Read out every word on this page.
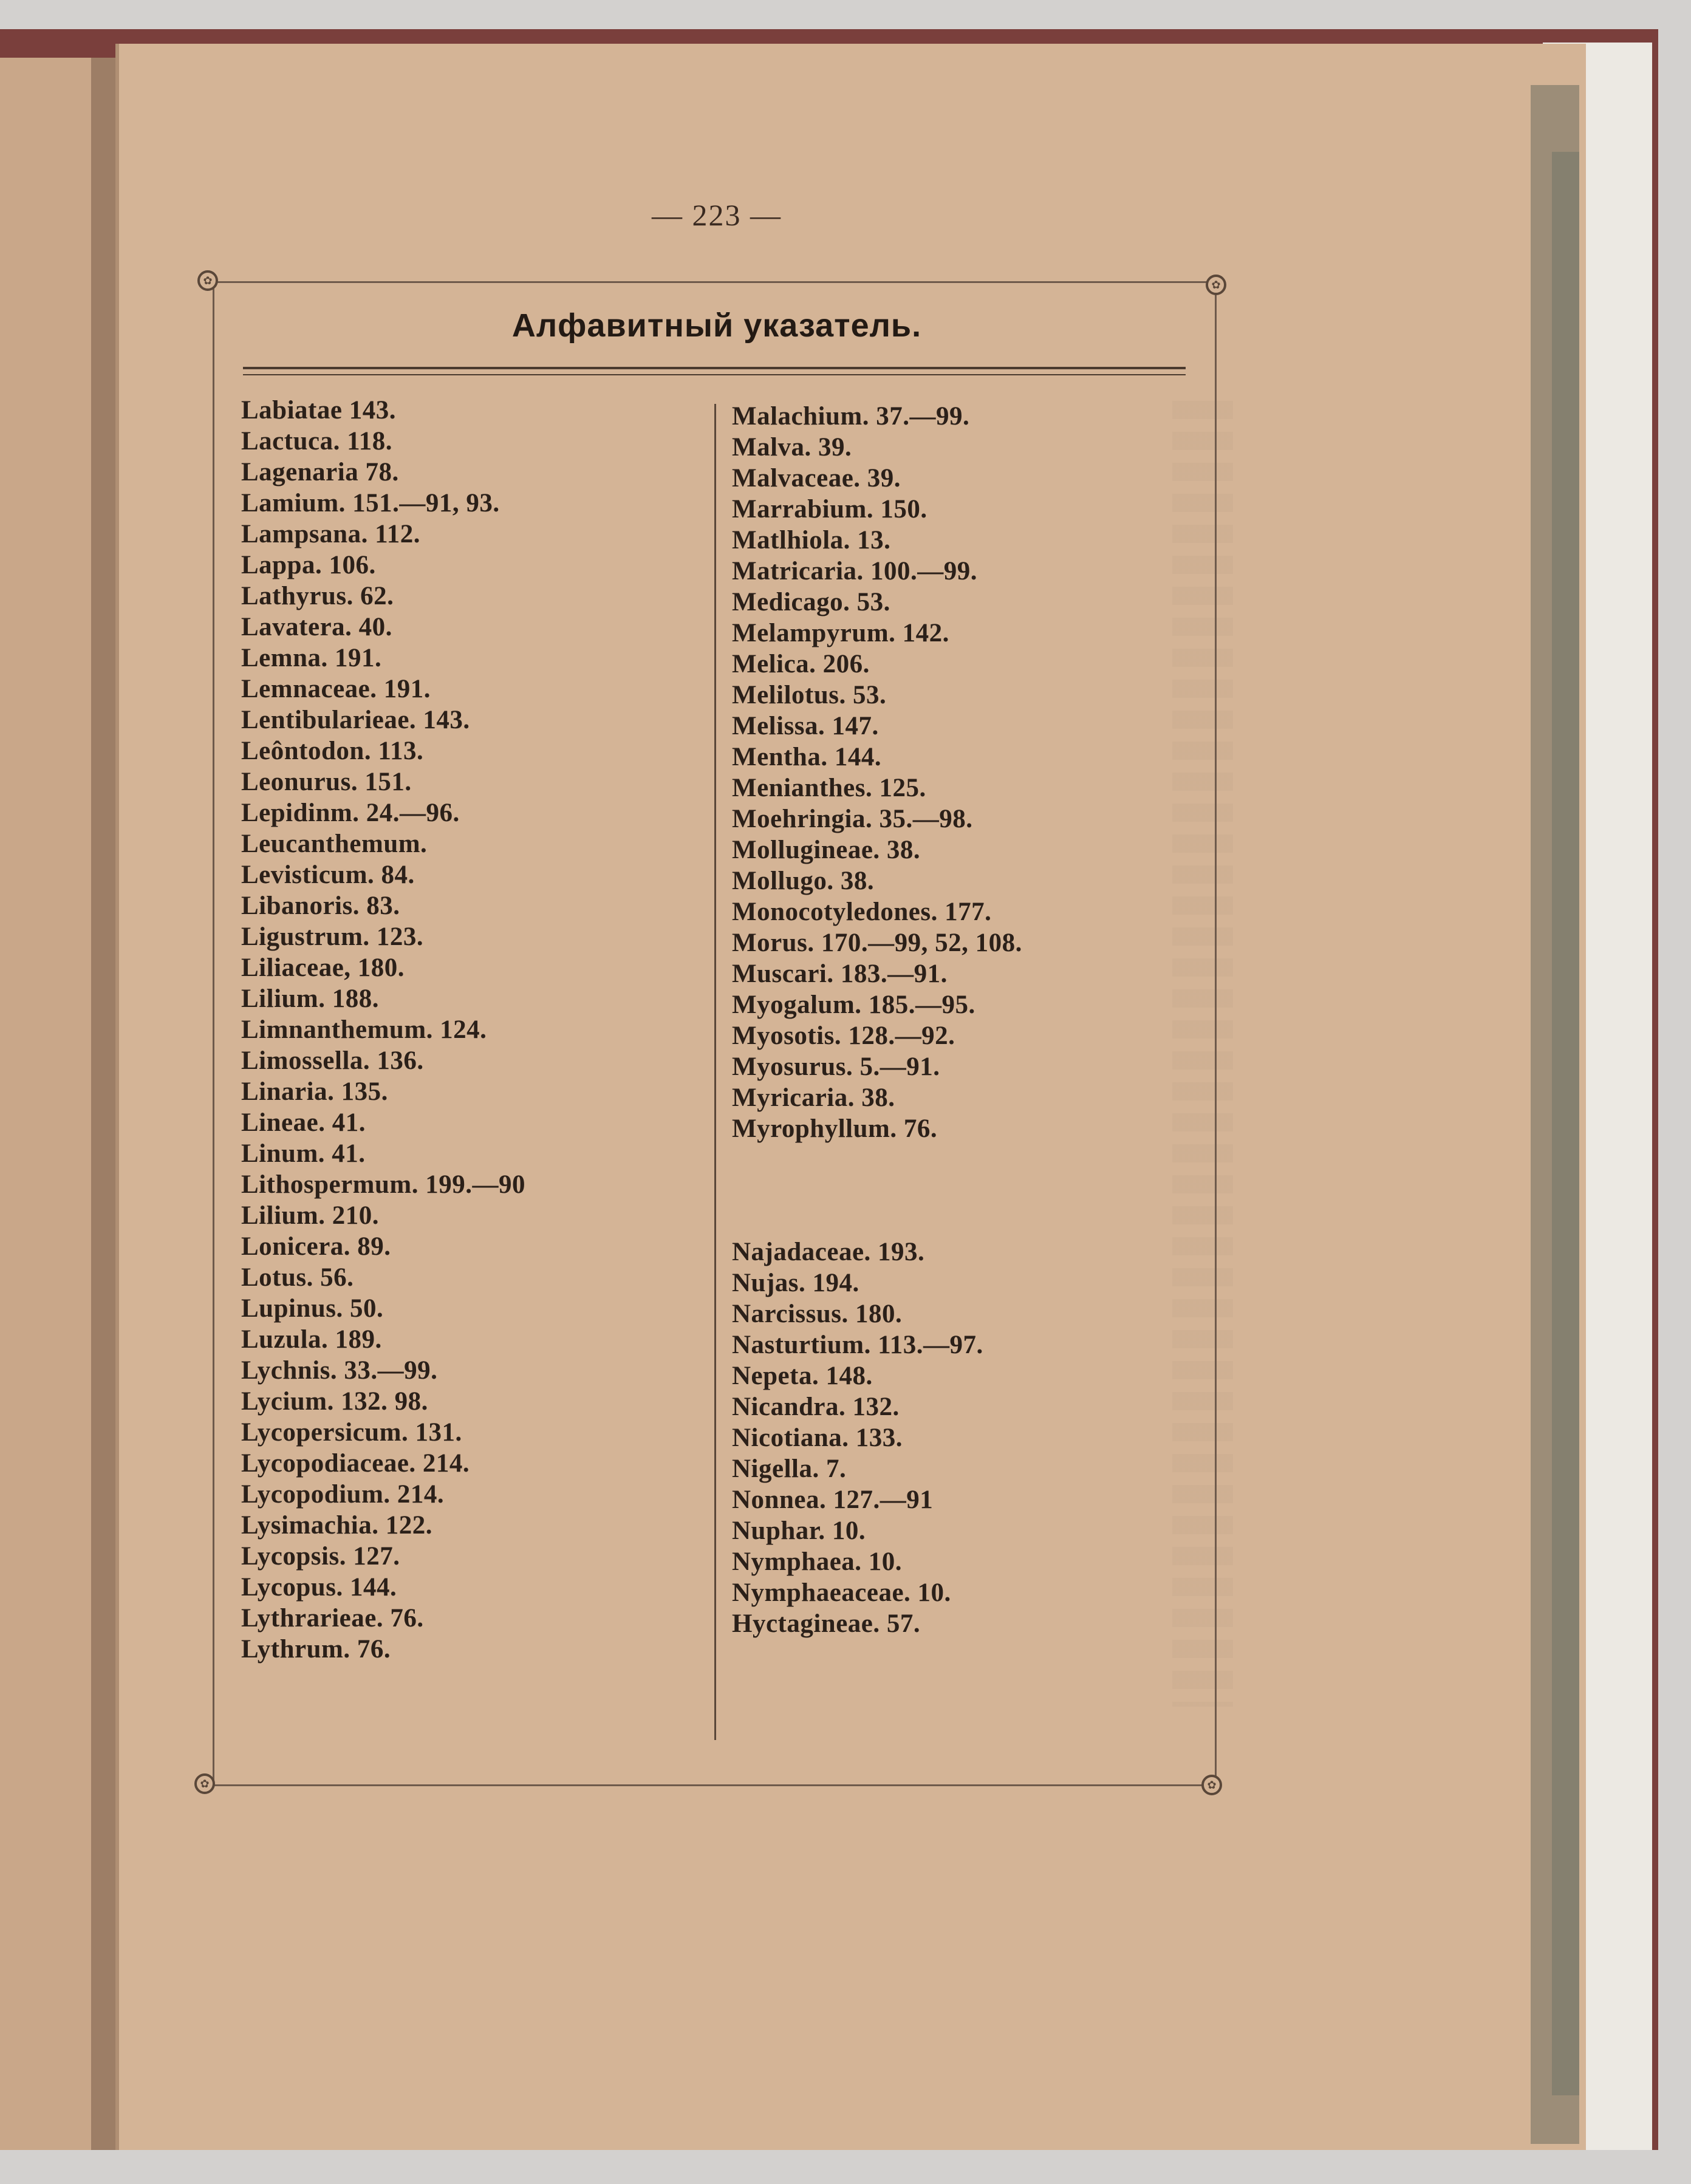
— 223 —
✿	✿
✿	✿
Алфавитный указатель.
Labiatae 143.
Lactuca. 118.
Lagenaria 78.
Lamium. 151.—91, 93.
Lampsana. 112.
Lappa. 106.
Lathyrus. 62.
Lavatera. 40.
Lemna. 191.
Lemnaceae. 191.
Lentibularieae. 143.
Leôntodon. 113.
Leonurus. 151.
Lepidinm. 24.—96.
Leucanthemum.
Levisticum. 84.
Libanoris. 83.
Ligustrum. 123.
Liliaceae, 180.
Lilium. 188.
Limnanthemum. 124.
Limossella. 136.
Linaria. 135.
Lineae. 41.
Linum. 41.
Lithospermum. 199.—90
Lilium. 210.
Lonicera. 89.
Lotus. 56.
Lupinus. 50.
Luzula. 189.
Lychnis. 33.—99.
Lycium. 132. 98.
Lycopersicum. 131.
Lycopodiaceae. 214.
Lycopodium. 214.
Lysimachia. 122.
Lycopsis. 127.
Lycopus. 144.
Lythrarieae. 76.
Lythrum. 76.
Malachium. 37.—99.
Malva. 39.
Malvaceae. 39.
Marrabium. 150.
Matlhiola. 13.
Matricaria. 100.—99.
Medicago. 53.
Melampyrum. 142.
Melica. 206.
Melilotus. 53.
Melissa. 147.
Mentha. 144.
Menianthes. 125.
Moehringia. 35.—98.
Mollugineae. 38.
Mollugo. 38.
Monocotyledones. 177.
Morus. 170.—99, 52, 108.
Muscari. 183.—91.
Myogalum. 185.—95.
Myosotis. 128.—92.
Myosurus. 5.—91.
Myricaria. 38.
Myrophyllum. 76.
Najadaceae. 193.
Nujas. 194.
Narcissus. 180.
Nasturtium. 113.—97.
Nepeta. 148.
Nicandra. 132.
Nicotiana. 133.
Nigella. 7.
Nonnea. 127.—91
Nuphar. 10.
Nymphaea. 10.
Nymphaeaceae. 10.
Hyctagineae. 57.
